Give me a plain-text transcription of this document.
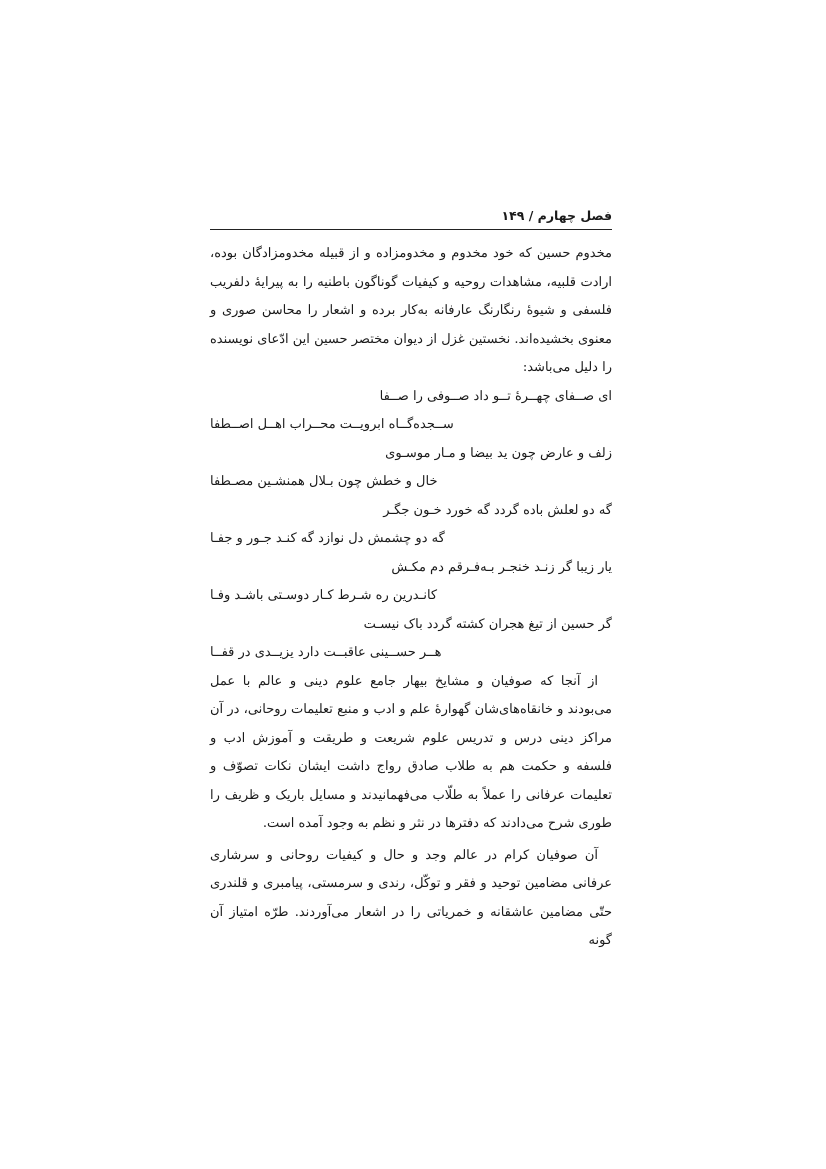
فصل چهارم / ۱۴۹

مخدوم حسین که خود مخدوم و مخدومزاده و از قبیله مخدومزادگان بوده، ارادت قلبیه، مشاهدات روحیه و کیفیات گوناگون باطنیه را به پیرایهٔ دلفریب فلسفی و شیوهٔ رنگارنگ عارفانه به‌کار برده و اشعار را محاسن صوری و معنوی بخشیده‌اند. نخستین غزل از دیوان مختصر حسین این ادّعای نویسنده را دلیل می‌باشد:

ای صــفای چهــرهٔ تــو داد صــوفی را صــفا

ســجده‌گــاه ابرویــت محــراب اهــل اصــطفا

زلف و عارض چون ید بیضا و مـار موسـوی

خال و خطش چون بـلال همنشـین مصـطفا

گه دو لعلش باده گردد گه خورد خـون جگـر

گه دو چشمش دل نوازد گه کنـد جـور و جفـا

یار زیبا گر زنـد خنجـر بـه‌فـرقم دم مکـش

کانـدرین ره شـرط کـار دوسـتی باشـد وفـا

گر حسین از تیغ هجران کشته گردد باک نیسـت

هــر حســینی عاقبــت دارد یزیــدی در قفــا

از آنجا که صوفیان و مشایخ بیهار جامع علوم دینی و عالم با عمل می‌بودند و خانقاه‌های‌شان گهوارهٔ علم و ادب و منبع تعلیمات روحانی، در آن مراکز دینی درس و تدریس علوم شریعت و طریقت و آموزش ادب و فلسفه و حکمت هم به طلاب صادق رواج داشت ایشان نکات تصوّف و تعلیمات عرفانی را عملاً به طلّاب می‌فهمانیدند و مسایل باریک و ظریف را طوری شرح می‌دادند که دفترها در نثر و نظم به وجود آمده است.

آن صوفیان کرام در عالم وجد و حال و کیفیات روحانی و سرشاری عرفانی مضامین توحید و فقر و توکّل، رندی و سرمستی، پیامبری و قلندری حتّی مضامین عاشقانه و خمریاتی را در اشعار می‌آوردند. طرّه امتیاز آن گونه
